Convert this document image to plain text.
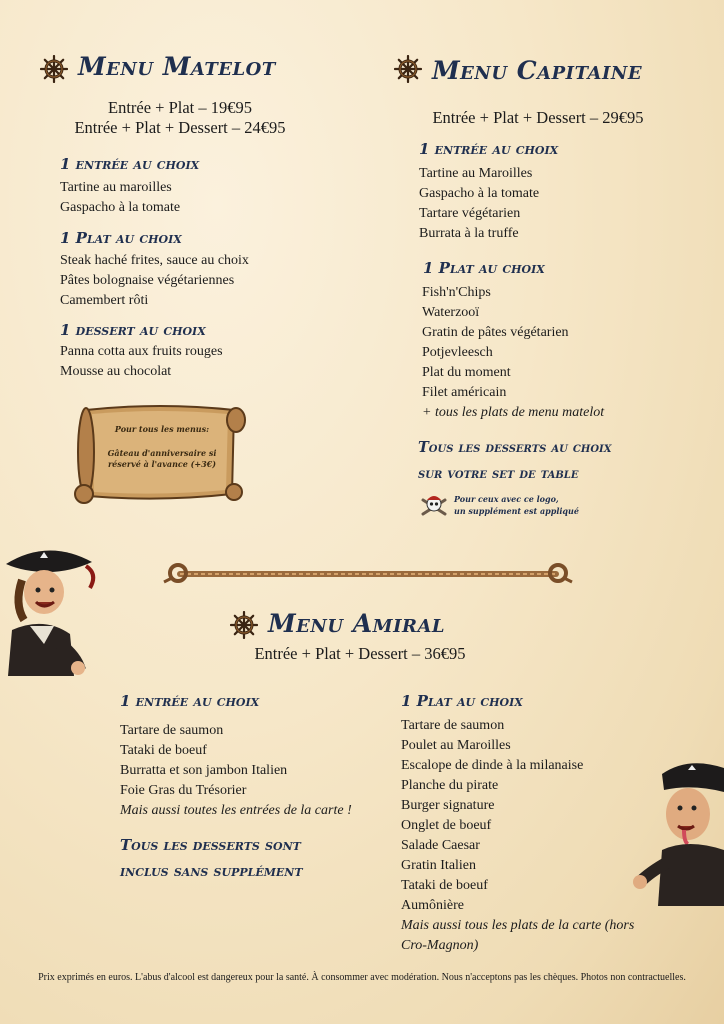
Menu Matelot
Entrée + Plat – 19€95
Entrée + Plat + Dessert – 24€95
1 entrée au choix
Tartine au maroilles
Gaspacho à la tomate
1 Plat au choix
Steak haché frites, sauce au choix
Pâtes bolognaise végétariennes
Camembert rôti
1 dessert au choix
Panna cotta aux fruits rouges
Mousse au chocolat
Pour tous les menus:
Gâteau d'anniversaire si réservé à l'avance (+3€)
Menu Capitaine
Entrée + Plat + Dessert – 29€95
1 entrée au choix
Tartine au Maroilles
Gaspacho à la tomate
Tartare végétarien
Burrata à la truffe
1 Plat au choix
Fish'n'Chips
Waterzooï
Gratin de pâtes végétarien
Potjevleesch
Plat du moment
Filet américain
+ tous les plats de menu matelot
Tous les desserts au choix
sur votre set de table
Pour ceux avec ce logo,
un supplément est appliqué
Menu Amiral
Entrée + Plat + Dessert – 36€95
1 entrée au choix
Tartare de saumon
Tataki de boeuf
Burratta et son jambon Italien
Foie Gras du Trésorier
Mais aussi toutes les entrées de la carte !
Tous les desserts sont
inclus sans supplément
1 Plat au choix
Tartare de saumon
Poulet au Maroilles
Escalope de dinde à la milanaise
Planche du pirate
Burger signature
Onglet de boeuf
Salade Caesar
Gratin Italien
Tataki de boeuf
Aumônière
Mais aussi tous les plats de la carte (hors
Cro-Magnon)
Prix exprimés en euros. L'abus d'alcool est dangereux pour la santé. À consommer avec modération. Nous n'acceptons pas les chèques. Photos non contractuelles.
